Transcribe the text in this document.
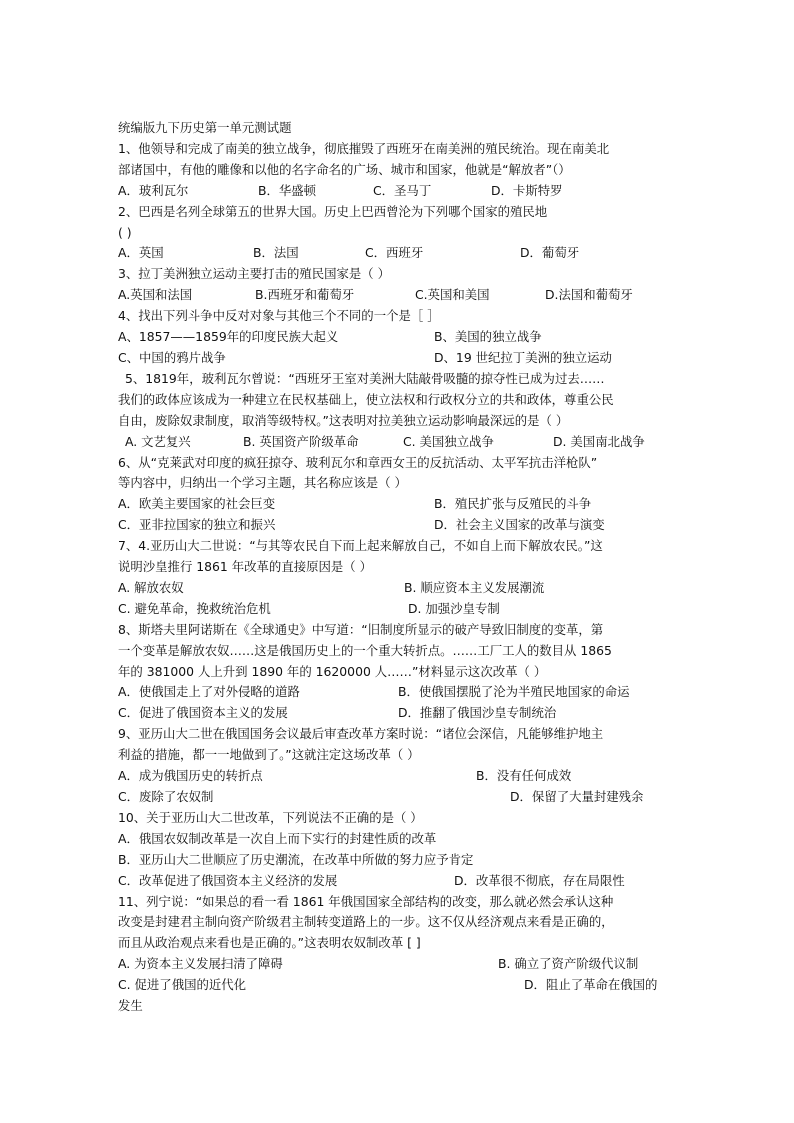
统编版九下历史第一单元测试题
1、他领导和完成了南美的独立战争，彻底摧毁了西班牙在南美洲的殖民统治。现在南美北
部诸国中，有他的雕像和以他的名字命名的广场、城市和国家，他就是“解放者”（）
A．玻利瓦尔	B．华盛顿	C．圣马丁	D．卡斯特罗
2、巴西是名列全球第五的世界大国。历史上巴西曾沦为下列哪个国家的殖民地
( )
A．英国	B．法国	C．西班牙	D．葡萄牙
3、拉丁美洲独立运动主要打击的殖民国家是（ ）
A.英国和法国	B.西班牙和葡萄牙	C.英国和美国	D.法国和葡萄牙
4、找出下列斗争中反对对象与其他三个不同的一个是［ ］
A、1857——1859年的印度民族大起义	B、美国的独立战争
C、中国的鸦片战争	D、19 世纪拉丁美洲的独立运动
5、1819年，玻利瓦尔曾说：“西班牙王室对美洲大陆敲骨吸髓的掠夺性已成为过去……
我们的政体应该成为一种建立在民权基础上，使立法权和行政权分立的共和政体，尊重公民
自由，废除奴隶制度，取消等级特权。”这表明对拉美独立运动影响最深远的是（ ）
A. 文艺复兴	B. 英国资产阶级革命	C. 美国独立战争	D. 美国南北战争
6、从“克莱武对印度的疯狂掠夺、玻利瓦尔和章西女王的反抗活动、太平军抗击洋枪队”
等内容中，归纳出一个学习主题，其名称应该是（ ）
A．欧美主要国家的社会巨变	B．殖民扩张与反殖民的斗争
C．亚非拉国家的独立和振兴	D．社会主义国家的改革与演变
7、4.亚历山大二世说：“与其等农民自下而上起来解放自己，不如自上而下解放农民。”这
说明沙皇推行 1861 年改革的直接原因是（ ）
A. 解放农奴	B. 顺应资本主义发展潮流
C. 避免革命，挽救统治危机	D. 加强沙皇专制
8、斯塔夫里阿诺斯在《全球通史》中写道：“旧制度所显示的破产导致旧制度的变革，第
一个变革是解放农奴……这是俄国历史上的一个重大转折点。……工厂工人的数目从 1865
年的 381000 人上升到 1890 年的 1620000 人……”材料显示这次改革（ ）
A．使俄国走上了对外侵略的道路	B．使俄国摆脱了沦为半殖民地国家的命运
C．促进了俄国资本主义的发展	D．推翻了俄国沙皇专制统治
9、亚历山大二世在俄国国务会议最后审查改革方案时说：“诸位会深信，凡能够维护地主
利益的措施，都一一地做到了。”这就注定这场改革（ ）
A．成为俄国历史的转折点	B．没有任何成效
C．废除了农奴制	D．保留了大量封建残余
10、关于亚历山大二世改革，下列说法不正确的是（ ）
A．俄国农奴制改革是一次自上而下实行的封建性质的改革
B．亚历山大二世顺应了历史潮流，在改革中所做的努力应予肯定
C．改革促进了俄国资本主义经济的发展	D．改革很不彻底，存在局限性
11、列宁说：“如果总的看一看 1861 年俄国国家全部结构的改变，那么就必然会承认这种
改变是封建君主制向资产阶级君主制转变道路上的一步。这不仅从经济观点来看是正确的，
而且从政治观点来看也是正确的。”这表明农奴制改革 [ ]
A. 为资本主义发展扫清了障碍	B. 确立了资产阶级代议制
C. 促进了俄国的近代化	D．阻止了革命在俄国的
发生
